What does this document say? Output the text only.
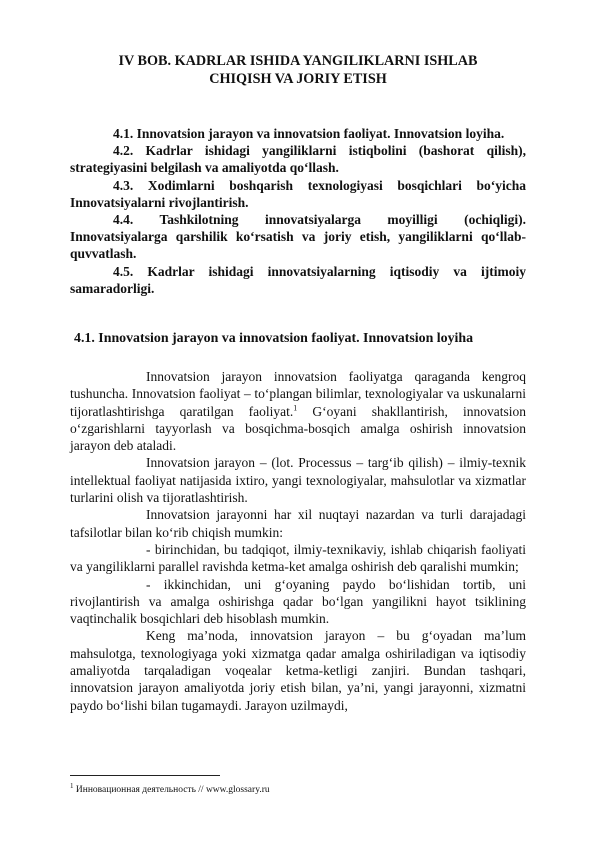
IV BOB. KADRLAR ISHIDA YANGILIKLARNI ISHLAB
CHIQISH VA JORIY ETISH

4.1. Innovatsion jarayon va innovatsion faoliyat. Innovatsion loyiha.

4.2. Kadrlar ishidagi yangiliklarni istiqbolini (bashorat qilish), strategiyasini belgilash va amaliyotda qo‘llash.

4.3. Xodimlarni boshqarish texnologiyasi bosqichlari bo‘yicha Innovatsiyalarni rivojlantirish.

4.4. Tashkilotning innovatsiyalarga moyilligi (ochiqligi). Innovatsiyalarga qarshilik ko‘rsatish va joriy etish, yangiliklarni qo‘llab-quvvatlash.

4.5. Kadrlar ishidagi innovatsiyalarning iqtisodiy va ijtimoiy samaradorligi.

4.1. Innovatsion jarayon va innovatsion faoliyat. Innovatsion loyiha

Innovatsion jarayon innovatsion faoliyatga qaraganda kengroq tushuncha. Innovatsion faoliyat – to‘plangan bilimlar, texnologiyalar va uskunalarni tijoratlashtirishga qaratilgan faoliyat.$^1$ G‘oyani shakllantirish, innovatsion o‘zgarishlarni tayyorlash va bosqichma-bosqich amalga oshirish innovatsion jarayon deb ataladi.

Innovatsion jarayon – (lot. Processus – targ‘ib qilish) – ilmiy-texnik intellektual faoliyat natijasida ixtiro, yangi texnologiyalar, mahsulotlar va xizmatlar turlarini olish va tijoratlashtirish.

Innovatsion jarayonni har xil nuqtayi nazardan va turli darajadagi tafsilotlar bilan ko‘rib chiqish mumkin:

- birinchidan, bu tadqiqot, ilmiy-texnikaviy, ishlab chiqarish faoliyati va yangiliklarni parallel ravishda ketma-ket amalga oshirish deb qaralishi mumkin;

- ikkinchidan, uni g‘oyaning paydo bo‘lishidan tortib, uni rivojlantirish va amalga oshirishga qadar bo‘lgan yangilikni hayot tsiklining vaqtinchalik bosqichlari deb hisoblash mumkin.

Keng ma’noda, innovatsion jarayon – bu g‘oyadan ma’lum mahsulotga, texnologiyaga yoki xizmatga qadar amalga oshiriladigan va iqtisodiy amaliyotda tarqaladigan voqealar ketma-ketligi zanjiri. Bundan tashqari, innovatsion jarayon amaliyotda joriy etish bilan, ya’ni, yangi jarayonni, xizmatni paydo bo‘lishi bilan tugamaydi. Jarayon uzilmaydi,

$^1$ Инновационная деятельность // www.glossary.ru
